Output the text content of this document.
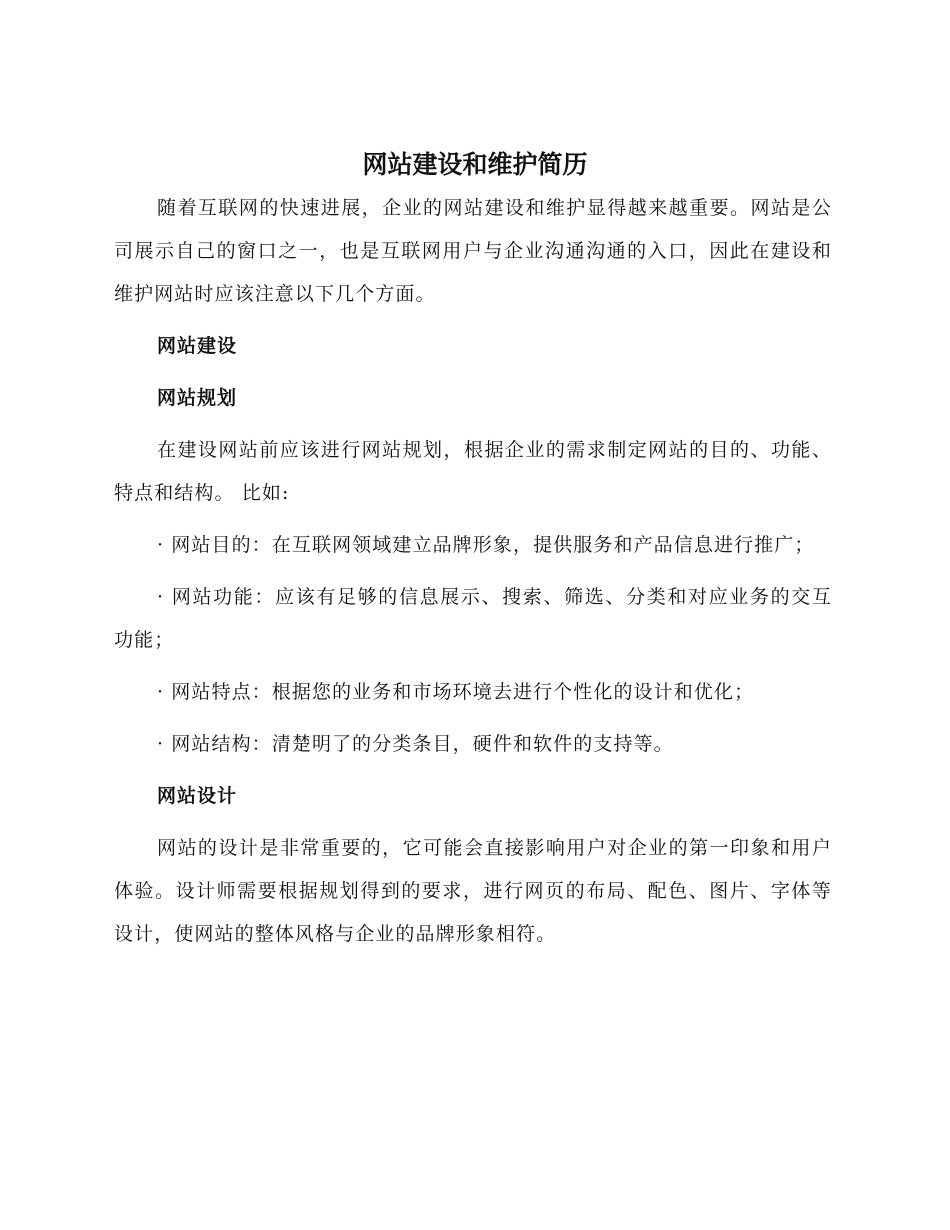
网站建设和维护简历

随着互联网的快速进展，企业的网站建设和维护显得越来越重要。网站是公司展示自己的窗口之一，也是互联网用户与企业沟通沟通的入口，因此在建设和维护网站时应该注意以下几个方面。

网站建设

网站规划

在建设网站前应该进行网站规划，根据企业的需求制定网站的目的、功能、特点和结构。 比如:

· 网站目的：在互联网领域建立品牌形象，提供服务和产品信息进行推广；

· 网站功能：应该有足够的信息展示、搜索、筛选、分类和对应业务的交互功能；

· 网站特点：根据您的业务和市场环境去进行个性化的设计和优化；

· 网站结构：清楚明了的分类条目，硬件和软件的支持等。

网站设计

网站的设计是非常重要的，它可能会直接影响用户对企业的第一印象和用户体验。设计师需要根据规划得到的要求，进行网页的布局、配色、图片、字体等设计，使网站的整体风格与企业的品牌形象相符。
